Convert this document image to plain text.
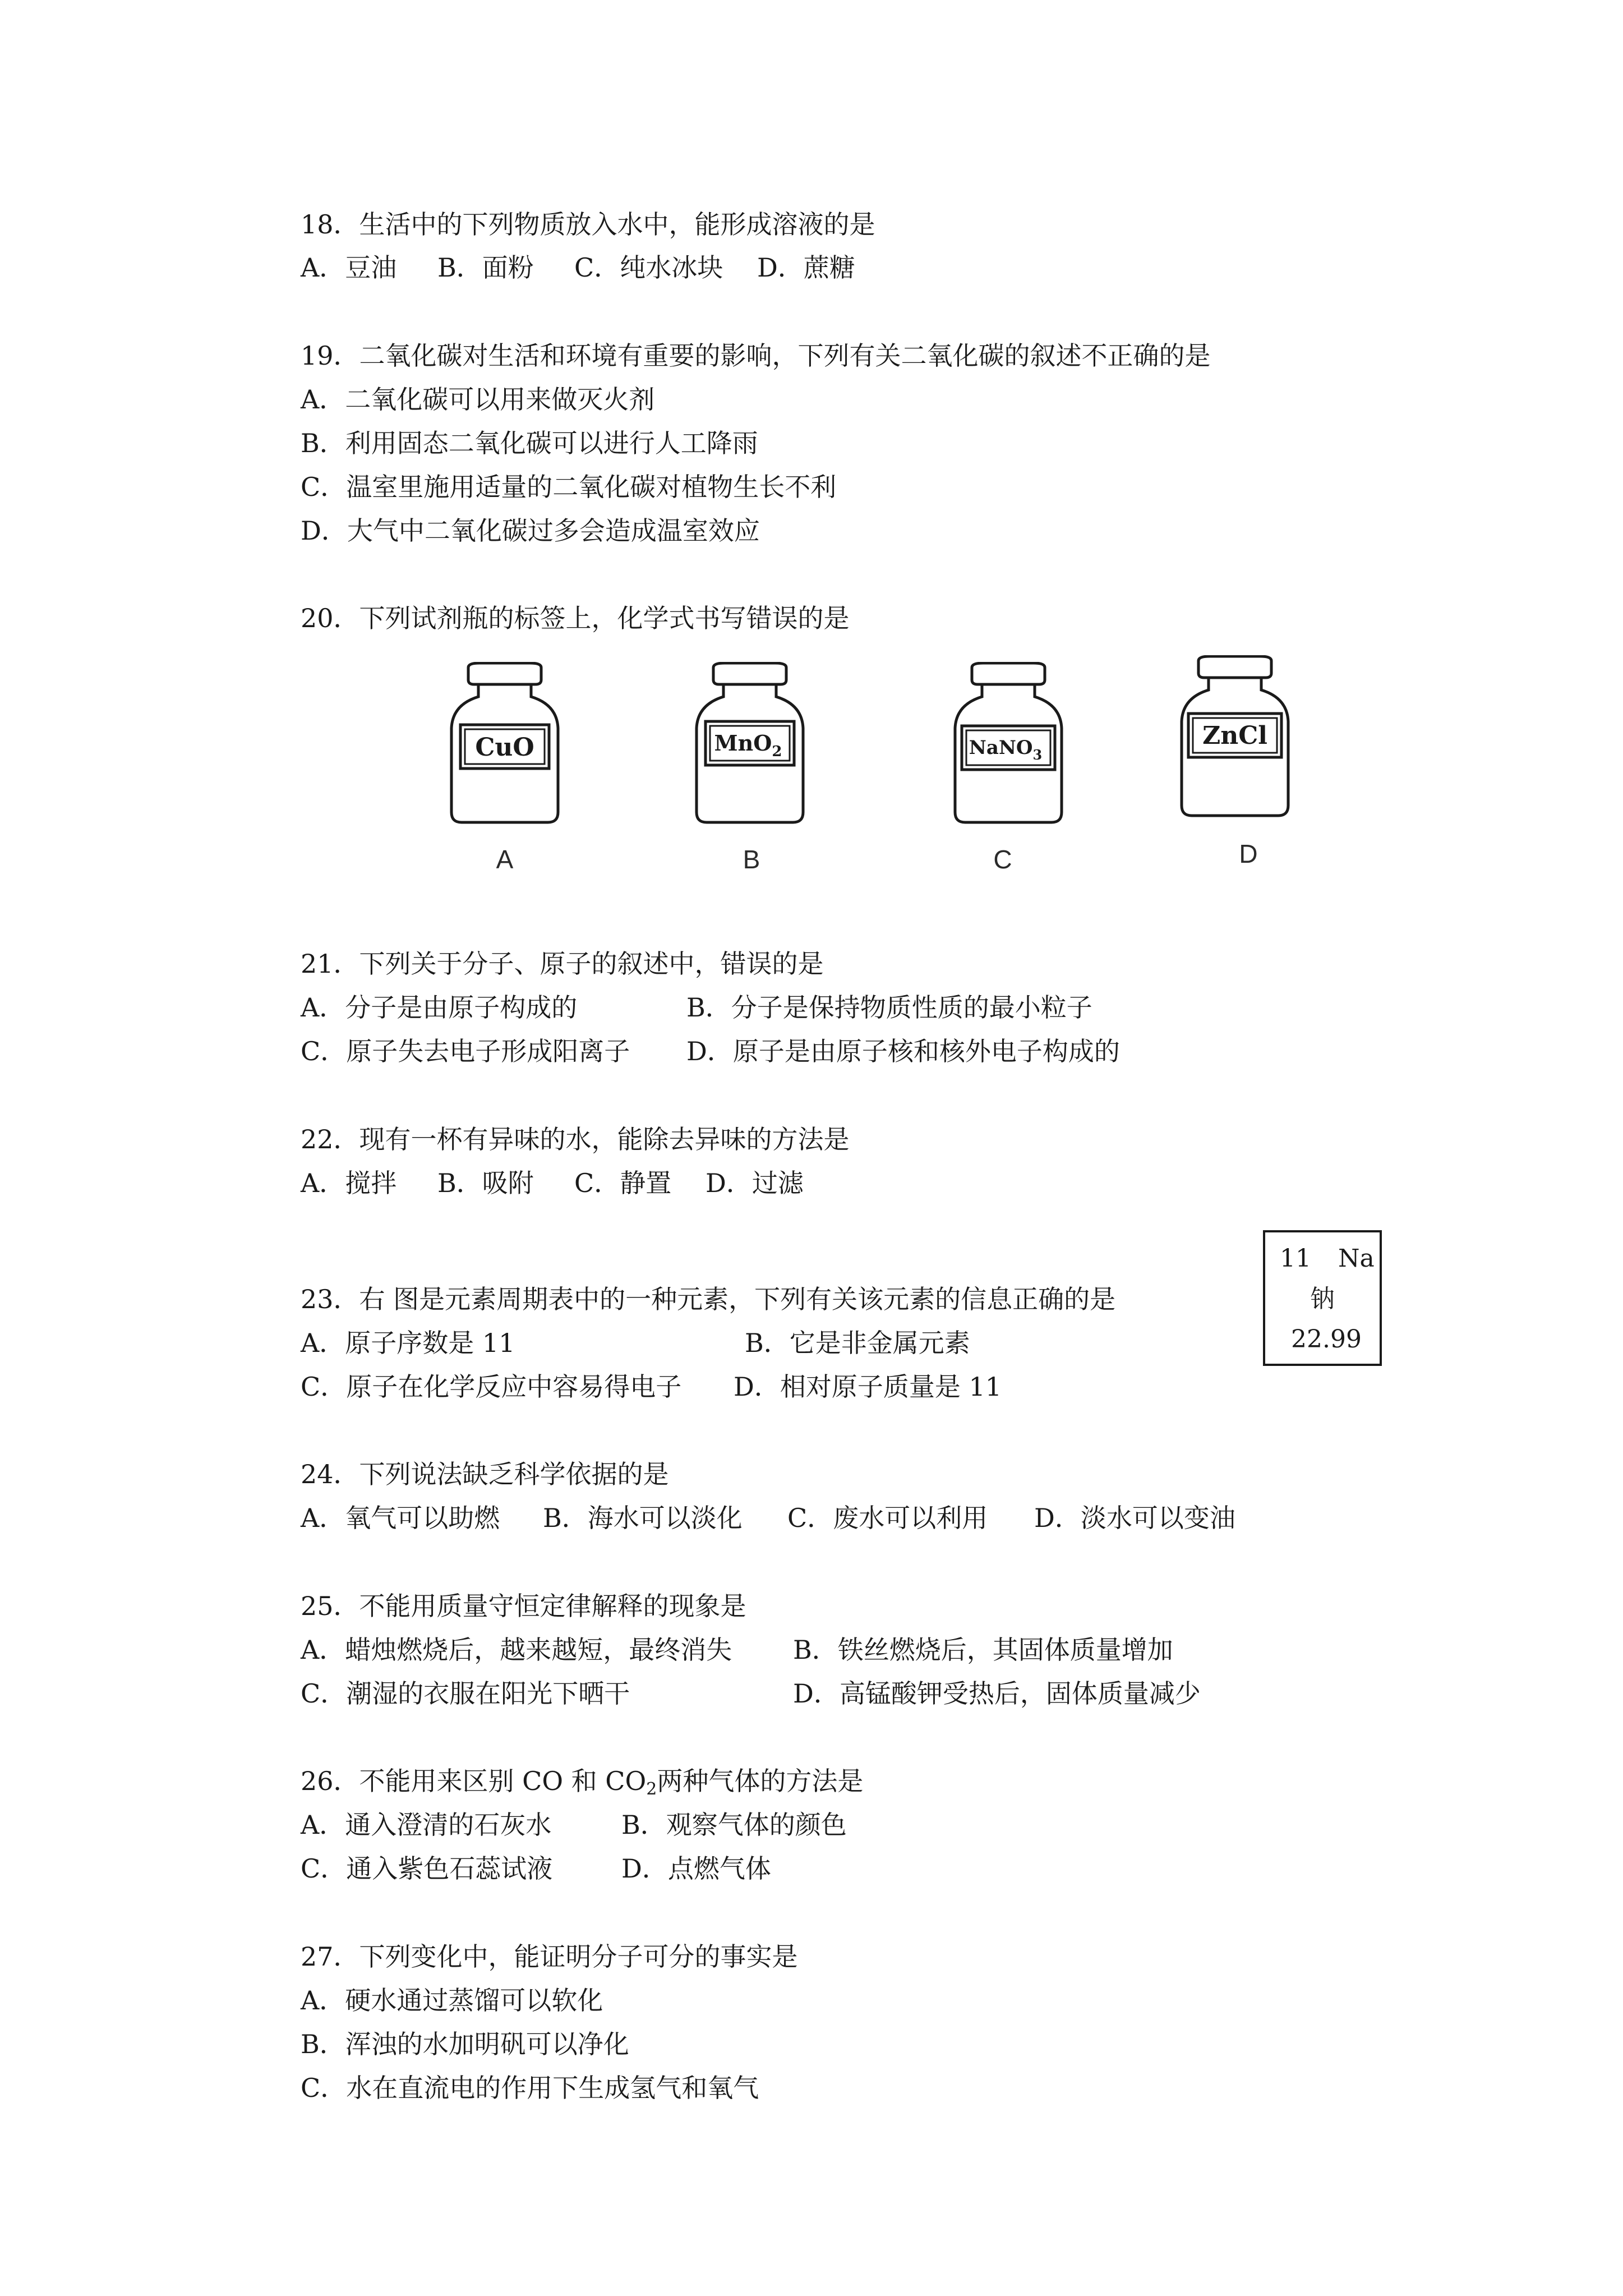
18．生活中的下列物质放入水中，能形成溶液的是
A．豆油 B．面粉 C．纯水冰块 D．蔗糖
19．二氧化碳对生活和环境有重要的影响，下列有关二氧化碳的叙述不正确的是
A．二氧化碳可以用来做灭火剂
B．利用固态二氧化碳可以进行人工降雨
C．温室里施用适量的二氧化碳对植物生长不利
D．大气中二氧化碳过多会造成温室效应
20．下列试剂瓶的标签上，化学式书写错误的是
CuO
A
MnO$_2$
B
NaNO$_3$
C
ZnCl
D
21．下列关于分子、原子的叙述中，错误的是
A．分子是由原子构成的	B．分子是保持物质性质的最小粒子
C．原子失去电子形成阳离子 D．原子是由原子核和核外电子构成的
22．现有一杯有异味的水，能除去异味的方法是
A．搅拌 B．吸附 C．静置 D．过滤
23．右 图是元素周期表中的一种元素，下列有关该元素的信息正确的是
A．原子序数是 11	B．它是非金属元素
C．原子在化学反应中容易得电子 D．相对原子质量是 11
11 Na
钠
22.99
24．下列说法缺乏科学依据的是
A．氧气可以助燃 B．海水可以淡化 C．废水可以利用 D．淡水可以变油
25．不能用质量守恒定律解释的现象是
A．蜡烛燃烧后，越来越短，最终消失 B．铁丝燃烧后，其固体质量增加
C．潮湿的衣服在阳光下晒干	D．高锰酸钾受热后，固体质量减少
26．不能用来区别 CO 和 $CO_2$两种气体的方法是
A．通入澄清的石灰水	B．观察气体的颜色
C．通入紫色石蕊试液	D．点燃气体
27．下列变化中，能证明分子可分的事实是
A．硬水通过蒸馏可以软化
B．浑浊的水加明矾可以净化
C．水在直流电的作用下生成氢气和氧气
